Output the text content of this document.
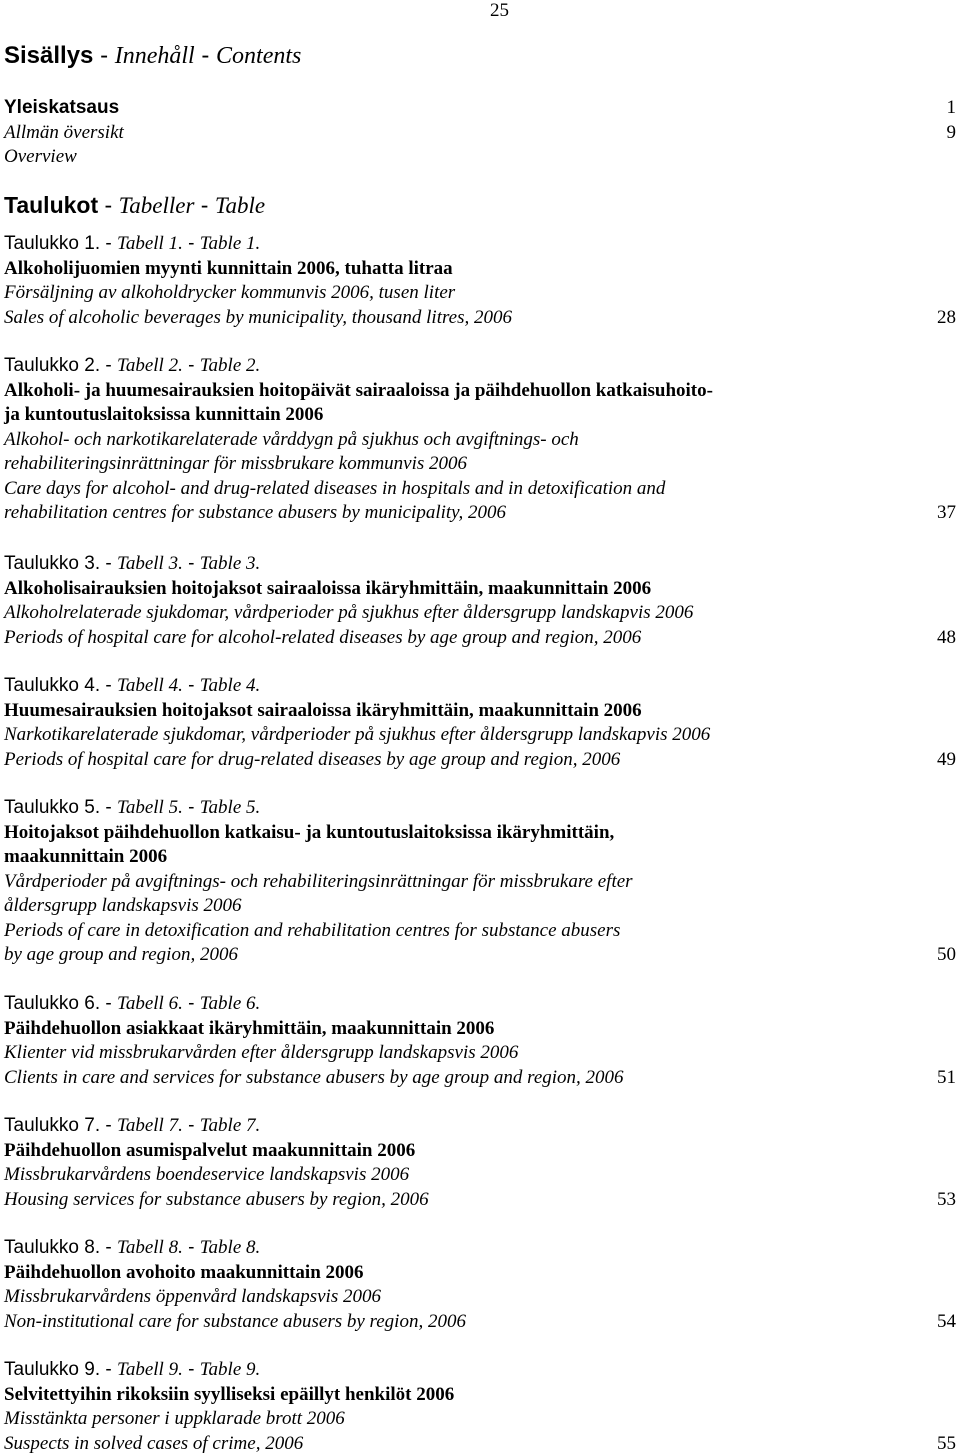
25
Sisällys - Innehåll - Contents
Yleiskatsaus	1
Allmän översikt	9
Overview
Taulukot - Tabeller - Table
Taulukko 1. - Tabell 1. - Table 1.
Alkoholijuomien myynti kunnittain 2006, tuhatta litraa
Försäljning av alkoholdrycker kommunvis 2006, tusen liter
Sales of alcoholic beverages by municipality, thousand litres, 2006	28
Taulukko 2. - Tabell 2. - Table 2.
Alkoholi- ja huumesairauksien hoitopäivät sairaaloissa ja päihdehuollon katkaisuhoito-
ja kuntoutuslaitoksissa kunnittain 2006
Alkohol- och narkotikarelaterade vårddygn på sjukhus och avgiftnings- och
rehabiliteringsinrättningar för missbrukare kommunvis 2006
Care days for alcohol- and drug-related diseases in hospitals and in detoxification and
rehabilitation centres for substance abusers by municipality, 2006	37
Taulukko 3. - Tabell 3. - Table 3.
Alkoholisairauksien hoitojaksot sairaaloissa ikäryhmittäin, maakunnittain 2006
Alkoholrelaterade sjukdomar, vårdperioder på sjukhus efter åldersgrupp landskapvis 2006
Periods of hospital care for alcohol-related diseases by age group and region, 2006	48
Taulukko 4. - Tabell 4. - Table 4.
Huumesairauksien hoitojaksot sairaaloissa ikäryhmittäin, maakunnittain 2006
Narkotikarelaterade sjukdomar, vårdperioder på sjukhus efter åldersgrupp landskapvis 2006
Periods of hospital care for drug-related diseases by age group and region, 2006	49
Taulukko 5. - Tabell 5. - Table 5.
Hoitojaksot päihdehuollon katkaisu- ja kuntoutuslaitoksissa ikäryhmittäin,
maakunnittain 2006
Vårdperioder på avgiftnings- och rehabiliteringsinrättningar för missbrukare efter
åldersgrupp landskapsvis 2006
Periods of care in detoxification and rehabilitation centres for substance abusers
by age group and region, 2006	50
Taulukko 6. - Tabell 6. - Table 6.
Päihdehuollon asiakkaat ikäryhmittäin, maakunnittain 2006
Klienter vid missbrukarvården efter åldersgrupp landskapsvis 2006
Clients in care and services for substance abusers by age group and region, 2006	51
Taulukko 7. - Tabell 7. - Table 7.
Päihdehuollon asumispalvelut maakunnittain 2006
Missbrukarvårdens boendeservice landskapsvis 2006
Housing services for substance abusers by region, 2006	53
Taulukko 8. - Tabell 8. - Table 8.
Päihdehuollon avohoito maakunnittain 2006
Missbrukarvårdens öppenvård landskapsvis 2006
Non-institutional care for substance abusers by region, 2006	54
Taulukko 9. - Tabell 9. - Table 9.
Selvitettyihin rikoksiin syylliseksi epäillyt henkilöt 2006
Misstänkta personer i uppklarade brott 2006
Suspects in solved cases of crime, 2006	55
